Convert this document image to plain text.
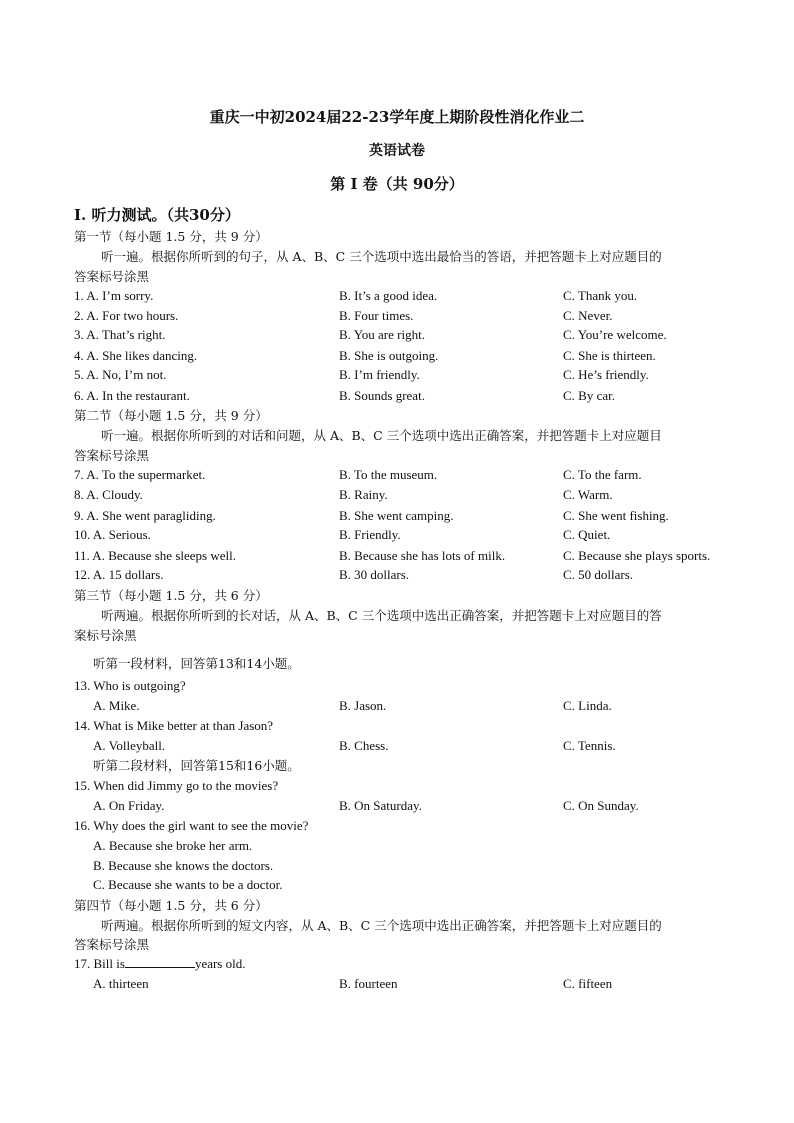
重庆一中初2024届22-23学年度上期阶段性消化作业二
英语试卷
第 I 卷（共 90分）
I. 听力测试。（共30分）
第一节（每小题 1.5 分，共 9 分）
听一遍。根据你所听到的句子，从 A、B、C 三个选项中选出最恰当的答语，并把答题卡上对应题目的
答案标号涂黑
1. A. I’m sorry.	B. It’s a good idea.	C. Thank you.
2. A. For two hours.	B. Four times.	C. Never.
3. A. That’s right.	B. You are right.	C. You’re welcome.
4. A. She likes dancing.	B. She is outgoing.	C. She is thirteen.
5. A. No, I’m not.	B. I’m friendly.	C. He’s friendly.
6. A. In the restaurant.	B. Sounds great.	C. By car.
第二节（每小题 1.5 分，共 9 分）
听一遍。根据你所听到的对话和问题，从 A、B、C 三个选项中选出正确答案，并把答题卡上对应题目
答案标号涂黑
7. A. To the supermarket.	B. To the museum.	C. To the farm.
8. A. Cloudy.	B. Rainy.	C. Warm.
9. A. She went paragliding.	B. She went camping.	C. She went fishing.
10. A. Serious.	B. Friendly.	C. Quiet.
11. A. Because she sleeps well.	B. Because she has lots of milk.	C. Because she plays sports.
12. A. 15 dollars.	B. 30 dollars.	C. 50 dollars.
第三节（每小题 1.5 分，共 6 分）
听两遍。根据你所听到的长对话，从 A、B、C 三个选项中选出正确答案，并把答题卡上对应题目的答
案标号涂黑
听第一段材料，回答第13和14小题。
13. Who is outgoing?
A. Mike.	B. Jason.	C. Linda.
14. What is Mike better at than Jason?
A. Volleyball.	B. Chess.	C. Tennis.
听第二段材料，回答第15和16小题。
15. When did Jimmy go to the movies?
A. On Friday.	B. On Saturday.	C. On Sunday.
16. Why does the girl want to see the movie?
A. Because she broke her arm.
B. Because she knows the doctors.
C. Because she wants to be a doctor.
第四节（每小题 1.5 分，共 6 分）
听两遍。根据你所听到的短文内容，从 A、B、C 三个选项中选出正确答案，并把答题卡上对应题目的
答案标号涂黑
17. Bill is	years old.
A. thirteen	B. fourteen	C. fifteen
